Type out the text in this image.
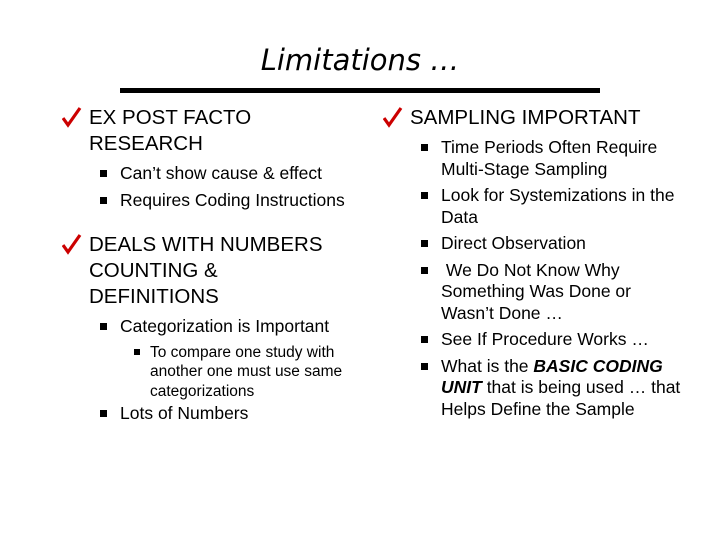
Limitations …
EX POST FACTO RESEARCH
Can’t show cause & effect
Requires Coding Instructions
DEALS WITH NUMBERS COUNTING & DEFINITIONS
Categorization is Important
To compare one study with another one must use same categorizations
Lots of Numbers
SAMPLING IMPORTANT
Time Periods Often Require Multi-Stage Sampling
Look for Systemizations in the Data
Direct Observation
We Do Not Know Why Something Was Done or Wasn’t Done …
See If Procedure Works …
What is the BASIC CODING UNIT that is being used … that Helps Define the Sample
